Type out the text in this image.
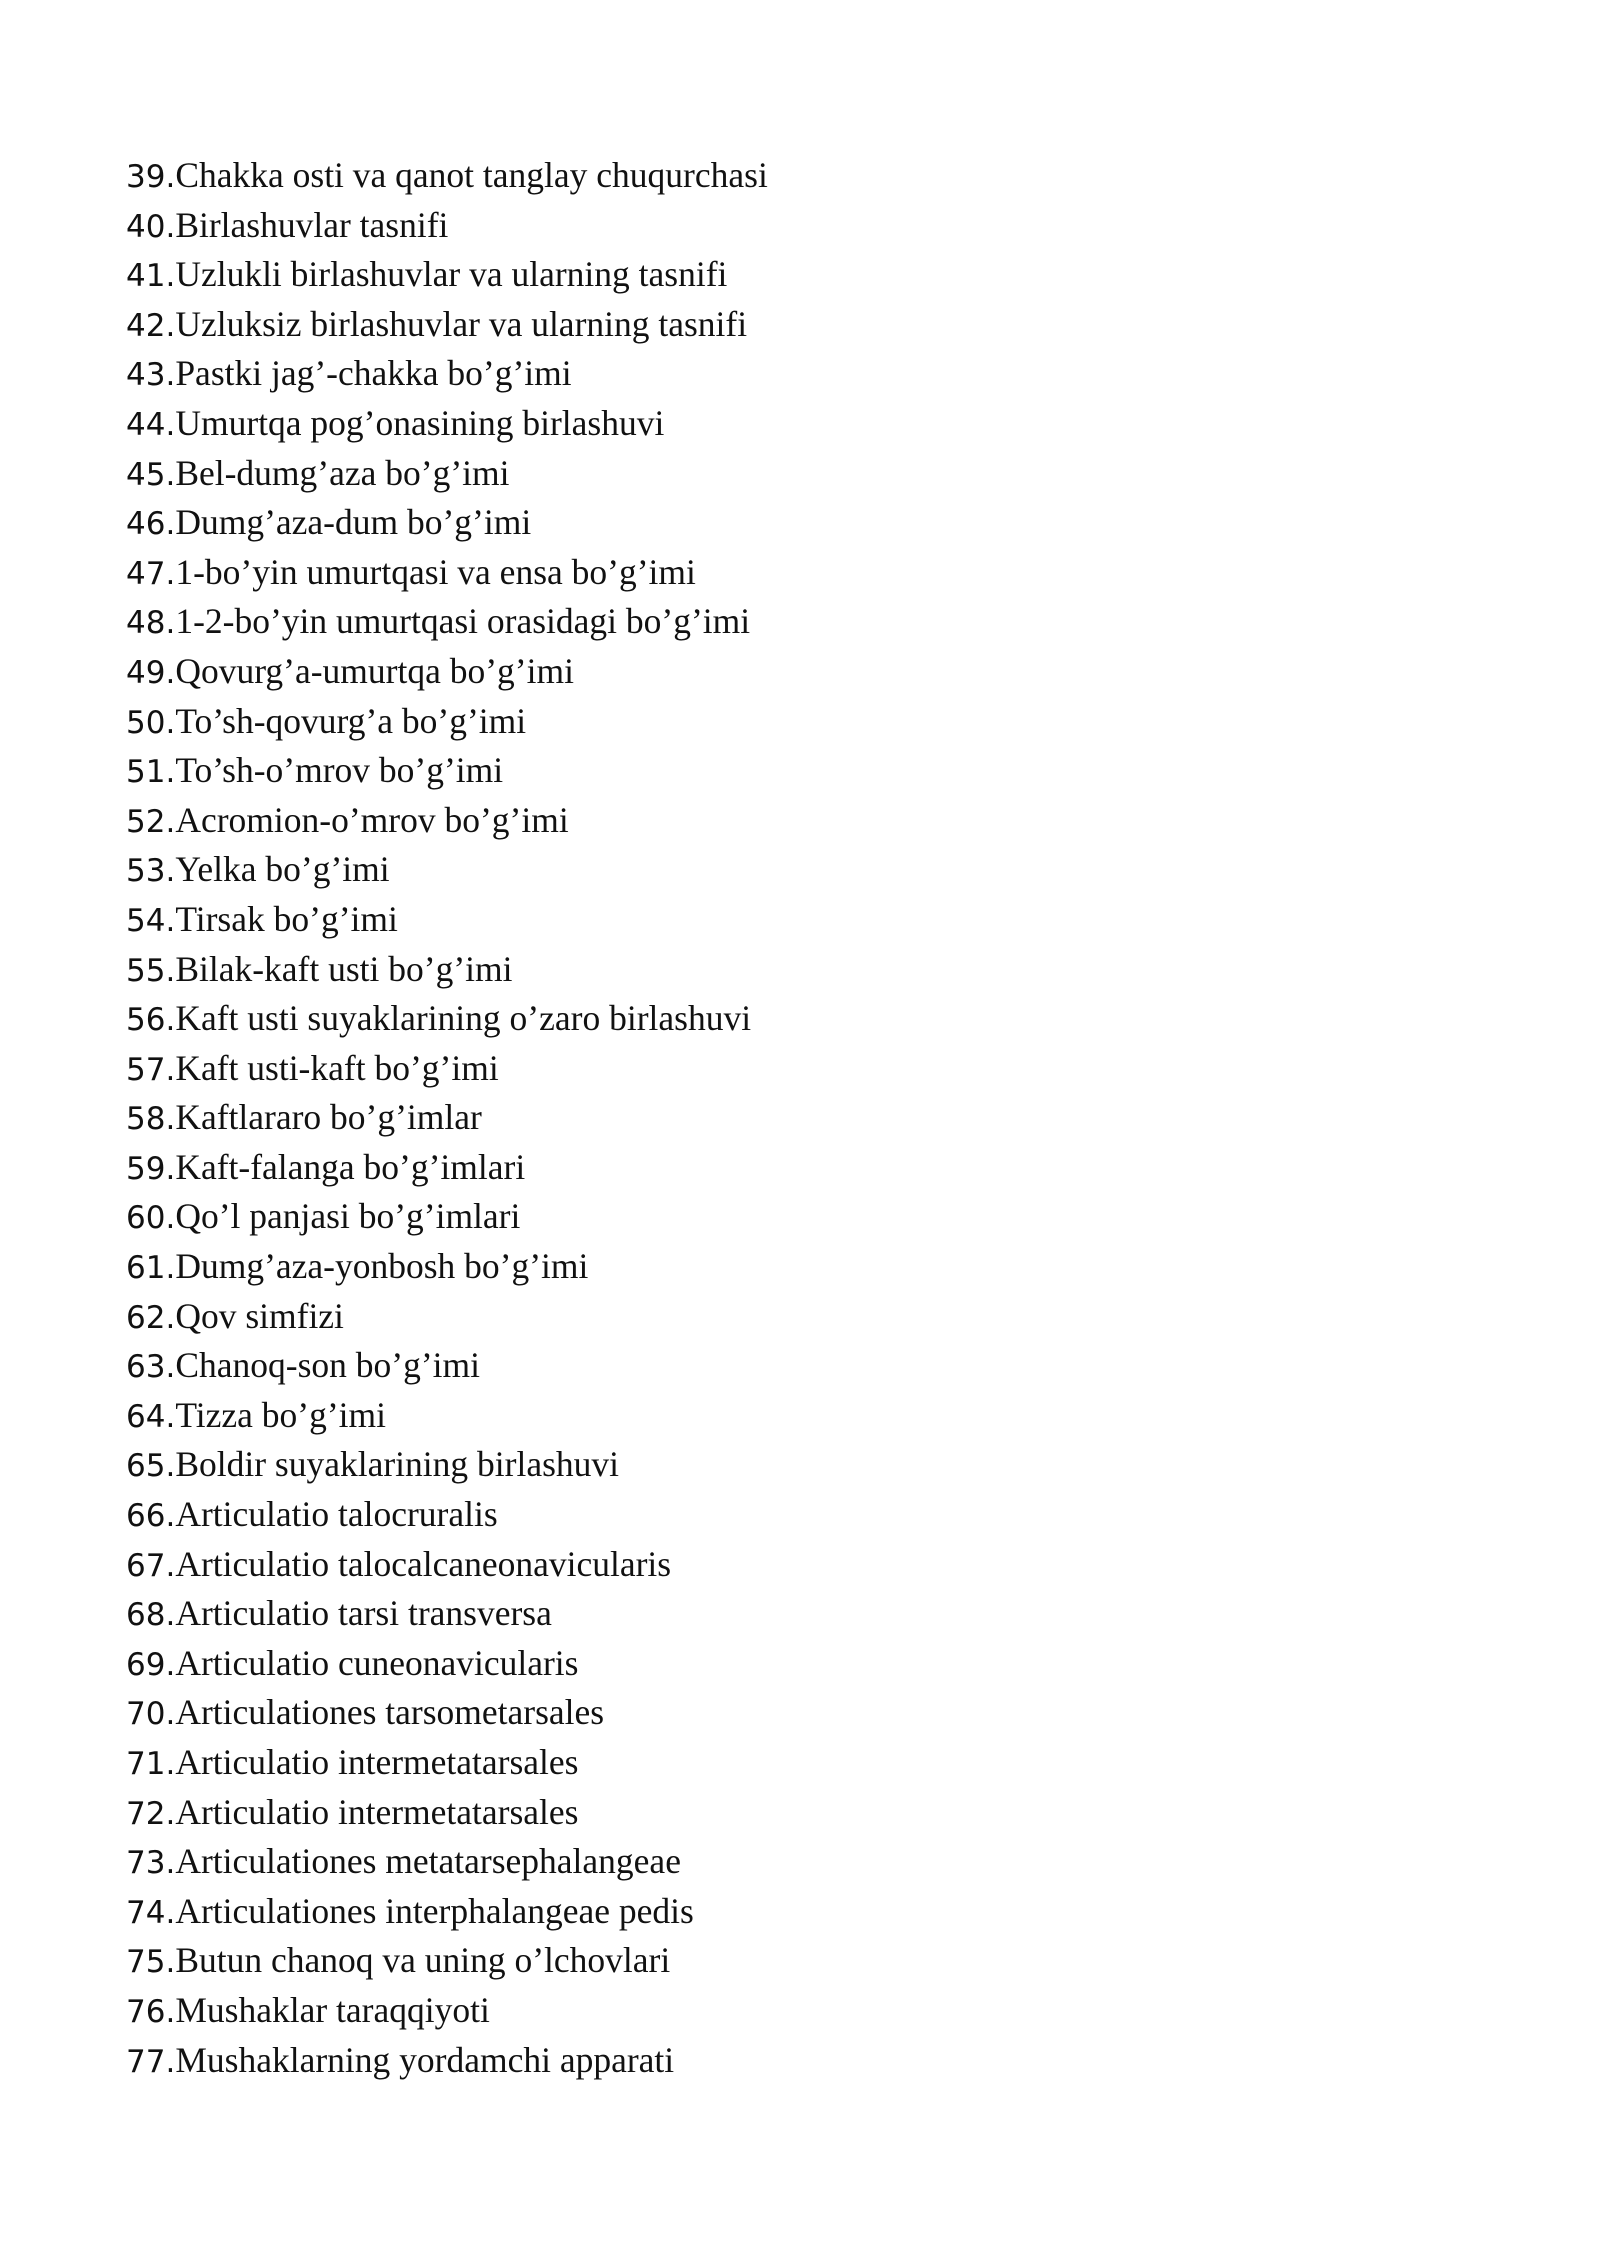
39.Chakka osti va qanot tanglay chuqurchasi
40.Birlashuvlar tasnifi
41.Uzlukli birlashuvlar va ularning tasnifi
42.Uzluksiz birlashuvlar va ularning tasnifi
43.Pastki jag’-chakka bo’g’imi
44.Umurtqa pog’onasining birlashuvi
45.Bel-dumg’aza bo’g’imi
46.Dumg’aza-dum bo’g’imi
47.1-bo’yin umurtqasi va ensa bo’g’imi
48.1-2-bo’yin umurtqasi orasidagi bo’g’imi
49.Qovurg’a-umurtqa bo’g’imi
50.To’sh-qovurg’a bo’g’imi
51.To’sh-o’mrov bo’g’imi
52.Acromion-o’mrov bo’g’imi
53.Yelka bo’g’imi
54.Tirsak bo’g’imi
55.Bilak-kaft usti bo’g’imi
56.Kaft usti suyaklarining o’zaro birlashuvi
57.Kaft usti-kaft bo’g’imi
58.Kaftlararo bo’g’imlar
59.Kaft-falanga bo’g’imlari
60.Qo’l panjasi bo’g’imlari
61.Dumg’aza-yonbosh bo’g’imi
62.Qov simfizi
63.Chanoq-son bo’g’imi
64.Tizza bo’g’imi
65.Boldir suyaklarining birlashuvi
66.Articulatio talocruralis
67.Articulatio talocalcaneonavicularis
68.Articulatio tarsi transversa
69.Articulatio cuneonavicularis
70.Articulationes tarsometarsales
71.Articulatio intermetatarsales
72.Articulatio intermetatarsales
73.Articulationes metatarsephalangeae
74.Articulationes interphalangeae pedis
75.Butun chanoq va uning o’lchovlari
76.Mushaklar taraqqiyoti
77.Mushaklarning yordamchi apparati
